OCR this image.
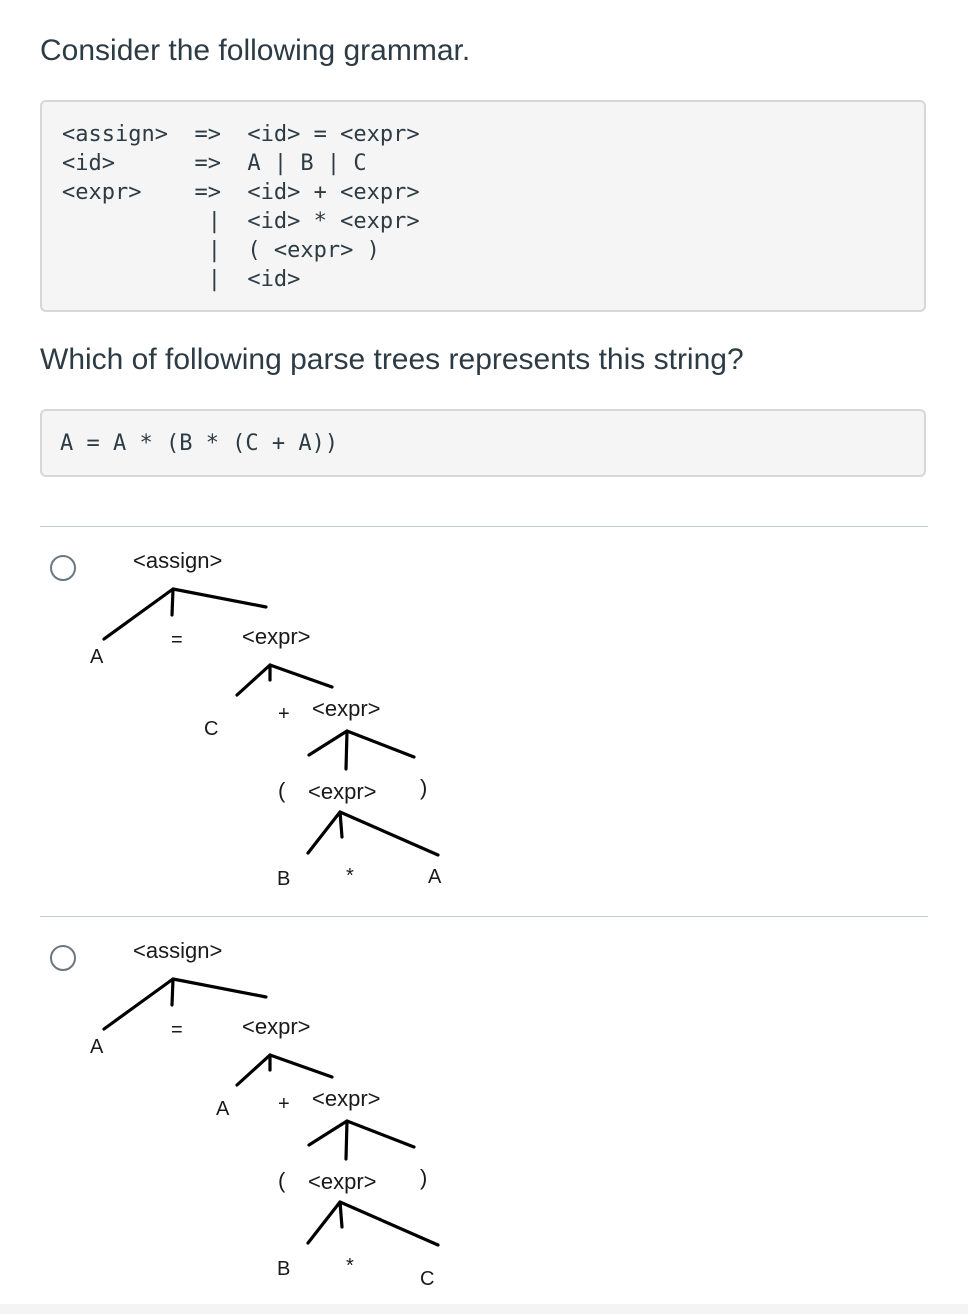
Consider the following grammar.
<assign>  =>  <id> = <expr>
<id>      =>  A | B | C
<expr>    =>  <id> + <expr>
|  <id> * <expr>
|  ( <expr> )
|  <id>
Which of following parse trees represents this string?
A = A * (B * (C + A))
<assign>
A
=	<expr>
C
+ <expr>
( <expr> )
B	*	A
<assign>
A
=	<expr>
A + <expr>
( <expr> )
B	*
C
